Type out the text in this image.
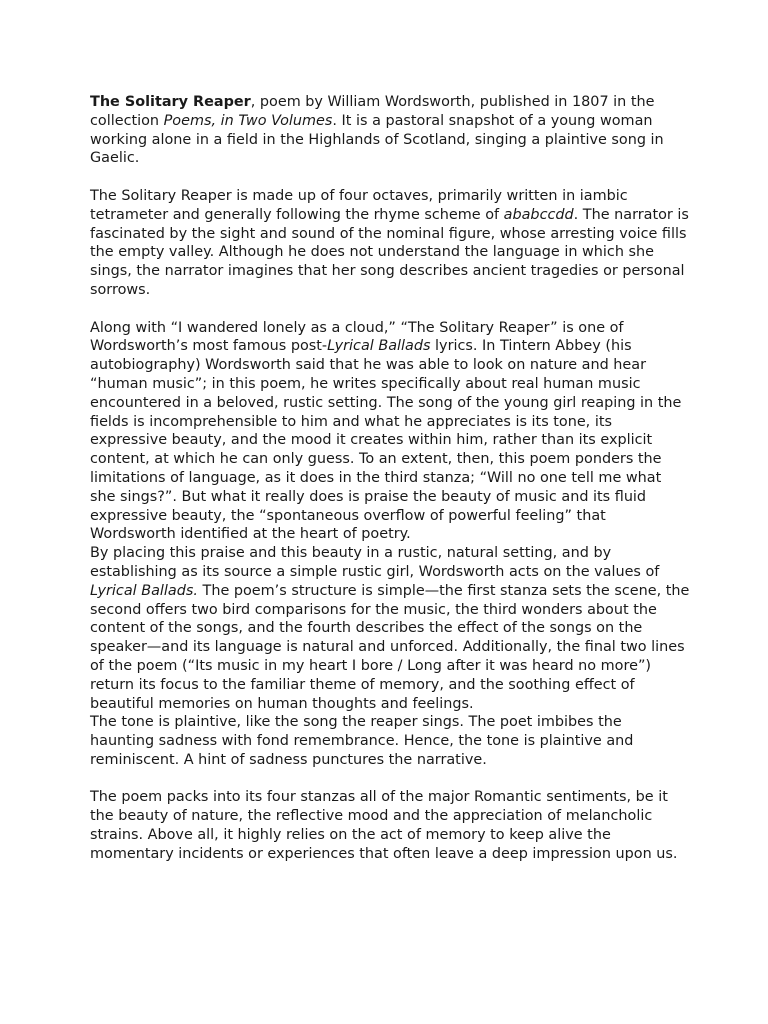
The Solitary Reaper, poem by William Wordsworth, published in 1807 in the collection Poems, in Two Volumes. It is a pastoral snapshot of a young woman working alone in a field in the Highlands of Scotland, singing a plaintive song in Gaelic.

The Solitary Reaper is made up of four octaves, primarily written in iambic tetrameter and generally following the rhyme scheme of ababccdd. The narrator is fascinated by the sight and sound of the nominal figure, whose arresting voice fills the empty valley. Although he does not understand the language in which she sings, the narrator imagines that her song describes ancient tragedies or personal sorrows.

Along with “I wandered lonely as a cloud,” “The Solitary Reaper” is one of Wordsworth’s most famous post-Lyrical Ballads lyrics. In Tintern Abbey (his autobiography) Wordsworth said that he was able to look on nature and hear “human music”; in this poem, he writes specifically about real human music encountered in a beloved, rustic setting. The song of the young girl reaping in the fields is incomprehensible to him and what he appreciates is its tone, its expressive beauty, and the mood it creates within him, rather than its explicit content, at which he can only guess. To an extent, then, this poem ponders the limitations of language, as it does in the third stanza; “Will no one tell me what she sings?”. But what it really does is praise the beauty of music and its fluid expressive beauty, the “spontaneous overflow of powerful feeling” that Wordsworth identified at the heart of poetry.

By placing this praise and this beauty in a rustic, natural setting, and by establishing as its source a simple rustic girl, Wordsworth acts on the values of Lyrical Ballads. The poem’s structure is simple—the first stanza sets the scene, the second offers two bird comparisons for the music, the third wonders about the content of the songs, and the fourth describes the effect of the songs on the speaker—and its language is natural and unforced. Additionally, the final two lines of the poem (“Its music in my heart I bore / Long after it was heard no more”) return its focus to the familiar theme of memory, and the soothing effect of beautiful memories on human thoughts and feelings.

The tone is plaintive, like the song the reaper sings. The poet imbibes the haunting sadness with fond remembrance. Hence, the tone is plaintive and reminiscent. A hint of sadness punctures the narrative.

The poem packs into its four stanzas all of the major Romantic sentiments, be it the beauty of nature, the reflective mood and the appreciation of melancholic strains. Above all, it highly relies on the act of memory to keep alive the momentary incidents or experiences that often leave a deep impression upon us.
